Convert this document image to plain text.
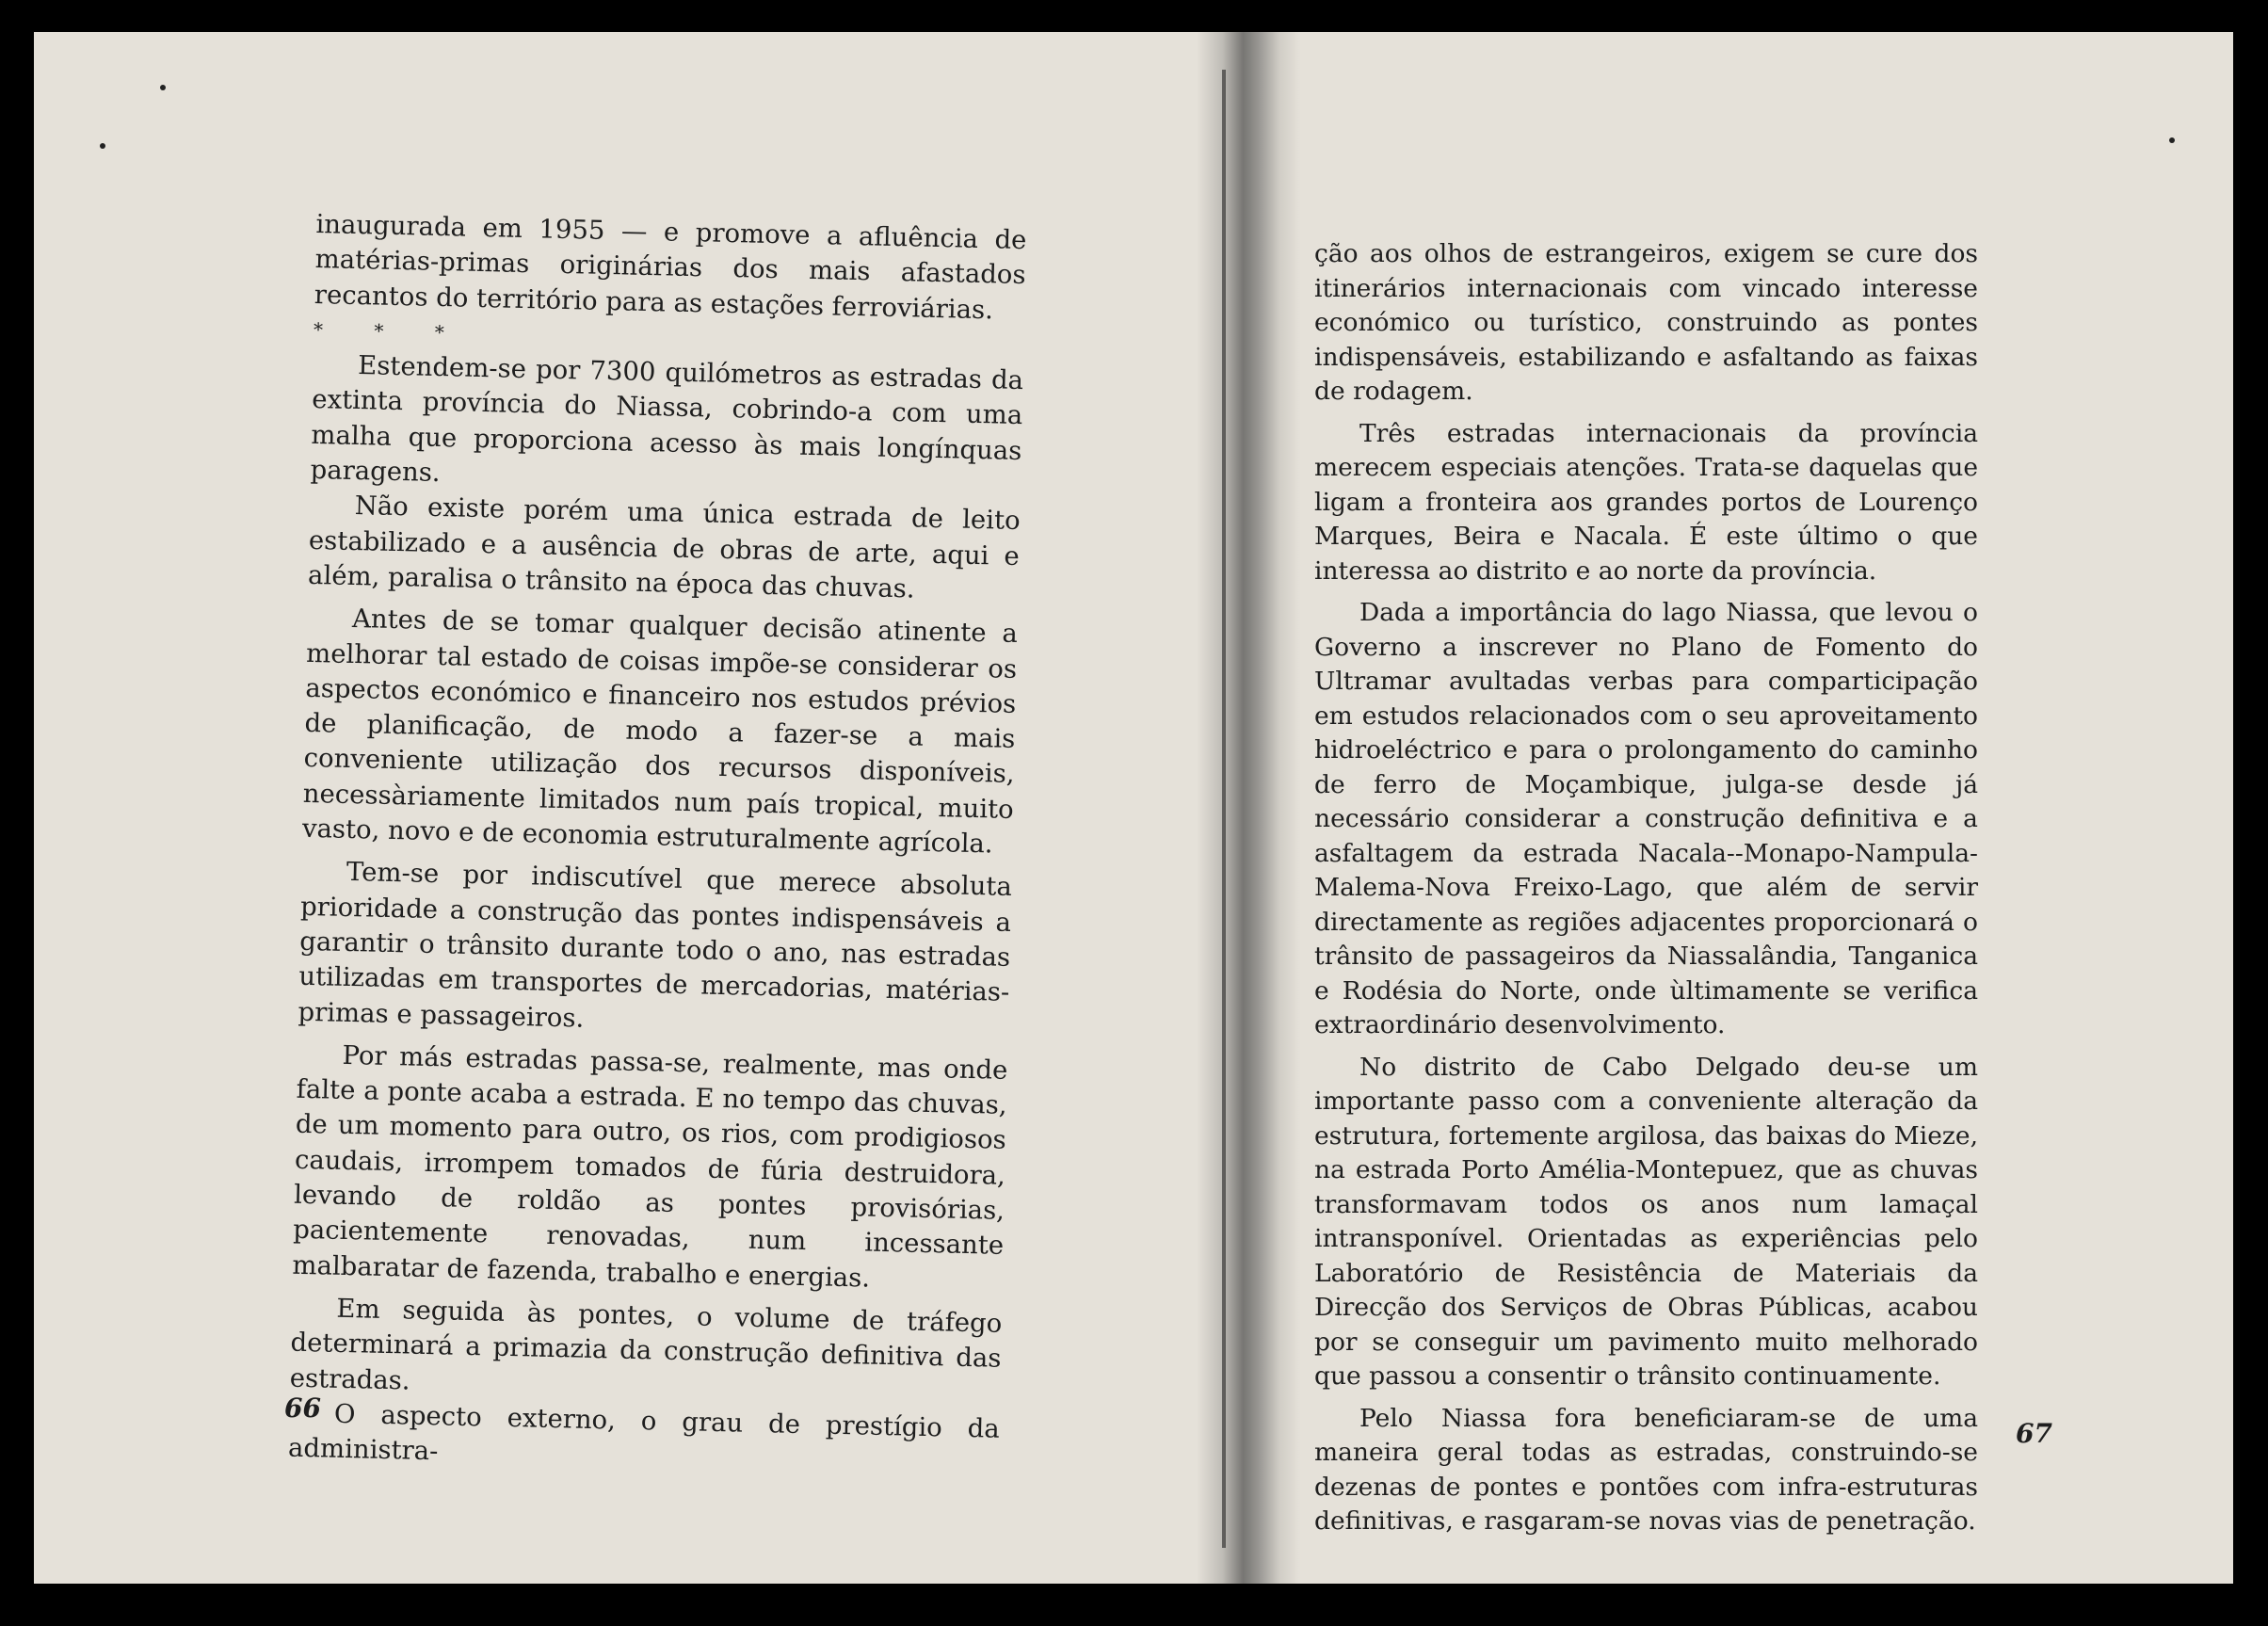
inaugurada em 1955 — e promove a afluência de matérias-primas originárias dos mais afastados recantos do território para as estações ferroviárias.

* * *

Estendem-se por 7300 quilómetros as estradas da extinta província do Niassa, cobrindo-a com uma malha que proporciona acesso às mais longínquas paragens.

Não existe porém uma única estrada de leito estabilizado e a ausência de obras de arte, aqui e além, paralisa o trânsito na época das chuvas.

Antes de se tomar qualquer decisão atinente a melhorar tal estado de coisas impõe-se considerar os aspectos económico e financeiro nos estudos prévios de planificação, de modo a fazer-se a mais conveniente utilização dos recursos disponíveis, necessàriamente limitados num país tropical, muito vasto, novo e de economia estruturalmente agrícola.

Tem-se por indiscutível que merece absoluta prioridade a construção das pontes indispensáveis a garantir o trânsito durante todo o ano, nas estradas utilizadas em transportes de mercadorias, matérias-primas e passageiros.

Por más estradas passa-se, realmente, mas onde falte a ponte acaba a estrada. E no tempo das chuvas, de um momento para outro, os rios, com prodigiosos caudais, irrompem tomados de fúria destruidora, levando de roldão as pontes provisórias, pacientemente renovadas, num incessante malbaratar de fazenda, trabalho e energias.

Em seguida às pontes, o volume de tráfego determinará a primazia da construção definitiva das estradas.

O aspecto externo, o grau de prestígio da administra-

66

ção aos olhos de estrangeiros, exigem se cure dos itinerários internacionais com vincado interesse económico ou turístico, construindo as pontes indispensáveis, estabilizando e asfaltando as faixas de rodagem.

Três estradas internacionais da província merecem especiais atenções. Trata-se daquelas que ligam a fronteira aos grandes portos de Lourenço Marques, Beira e Nacala. É este último o que interessa ao distrito e ao norte da província.

Dada a importância do lago Niassa, que levou o Governo a inscrever no Plano de Fomento do Ultramar avultadas verbas para comparticipação em estudos relacionados com o seu aproveitamento hidroeléctrico e para o prolongamento do caminho de ferro de Moçambique, julga-se desde já necessário considerar a construção definitiva e a asfaltagem da estrada Nacala--Monapo-Nampula-Malema-Nova Freixo-Lago, que além de servir directamente as regiões adjacentes proporcionará o trânsito de passageiros da Niassalândia, Tanganica e Rodésia do Norte, onde ùltimamente se verifica extraordinário desenvolvimento.

No distrito de Cabo Delgado deu-se um importante passo com a conveniente alteração da estrutura, fortemente argilosa, das baixas do Mieze, na estrada Porto Amélia-Montepuez, que as chuvas transformavam todos os anos num lamaçal intransponível. Orientadas as experiências pelo Laboratório de Resistência de Materiais da Direcção dos Serviços de Obras Públicas, acabou por se conseguir um pavimento muito melhorado que passou a consentir o trânsito continuamente.

Pelo Niassa fora beneficiaram-se de uma maneira geral todas as estradas, construindo-se dezenas de pontes e pontões com infra-estruturas definitivas, e rasgaram-se novas vias de penetração.

67
